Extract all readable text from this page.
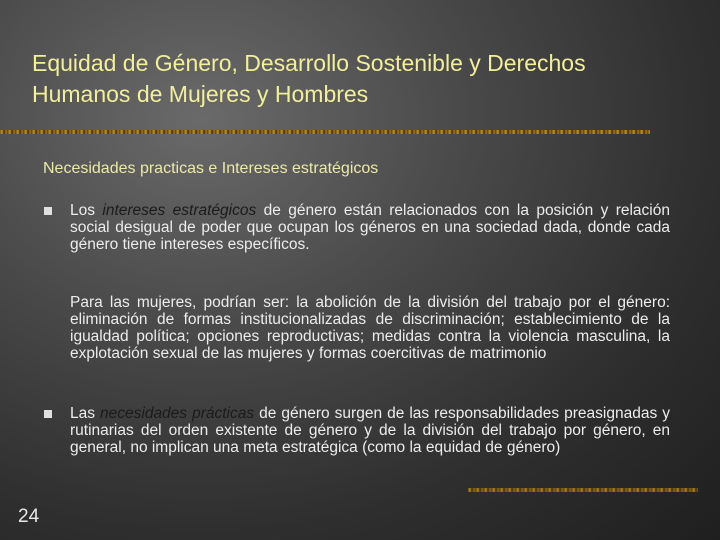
Equidad de Género, Desarrollo Sostenible y Derechos Humanos de Mujeres y Hombres
Necesidades practicas e Intereses estratégicos

Los intereses estratégicos de género están relacionados con la posición y relación social desigual de poder que ocupan los géneros en una sociedad dada, donde cada género tiene intereses específicos.

Para las mujeres, podrían ser: la abolición de la división del trabajo por el género: eliminación de formas institucionalizadas de discriminación; establecimiento de la igualdad política; opciones reproductivas; medidas contra la violencia masculina, la explotación sexual de las mujeres y formas coercitivas de matrimonio

Las necesidades prácticas de género surgen de las responsabilidades preasignadas y rutinarias del orden existente de género y de la división del trabajo por género, en general, no implican una meta estratégica (como la equidad de género)

24
